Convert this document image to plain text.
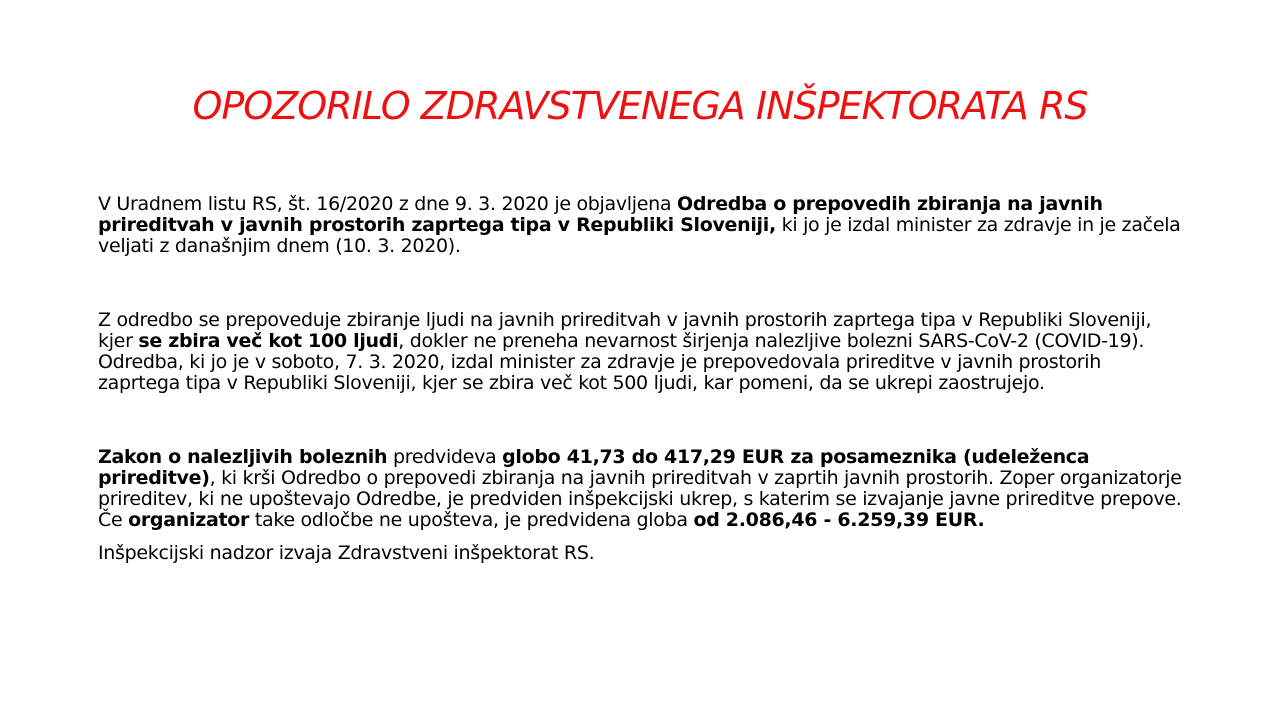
OPOZORILO ZDRAVSTVENEGA INŠPEKTORATA RS

V Uradnem listu RS, št. 16/2020 z dne 9. 3. 2020 je objavljena Odredba o prepovedih zbiranja na javnih prireditvah v javnih prostorih zaprtega tipa v Republiki Sloveniji, ki jo je izdal minister za zdravje in je začela veljati z današnjim dnem (10. 3. 2020).

Z odredbo se prepoveduje zbiranje ljudi na javnih prireditvah v javnih prostorih zaprtega tipa v Republiki Sloveniji, kjer se zbira več kot 100 ljudi, dokler ne preneha nevarnost širjenja nalezljive bolezni SARS-CoV-2 (COVID-19). Odredba, ki jo je v soboto, 7. 3. 2020, izdal minister za zdravje je prepovedovala prireditve v javnih prostorih zaprtega tipa v Republiki Sloveniji, kjer se zbira več kot 500 ljudi, kar pomeni, da se ukrepi zaostrujejo.

Zakon o nalezljivih boleznih predvideva globo 41,73 do 417,29 EUR za posameznika (udeleženca prireditve), ki krši Odredbo o prepovedi zbiranja na javnih prireditvah v zaprtih javnih prostorih. Zoper organizatorje prireditev, ki ne upoštevajo Odredbe, je predviden inšpekcijski ukrep, s katerim se izvajanje javne prireditve prepove. Če organizator take odločbe ne upošteva, je predvidena globa od 2.086,46 - 6.259,39 EUR.

Inšpekcijski nadzor izvaja Zdravstveni inšpektorat RS.
